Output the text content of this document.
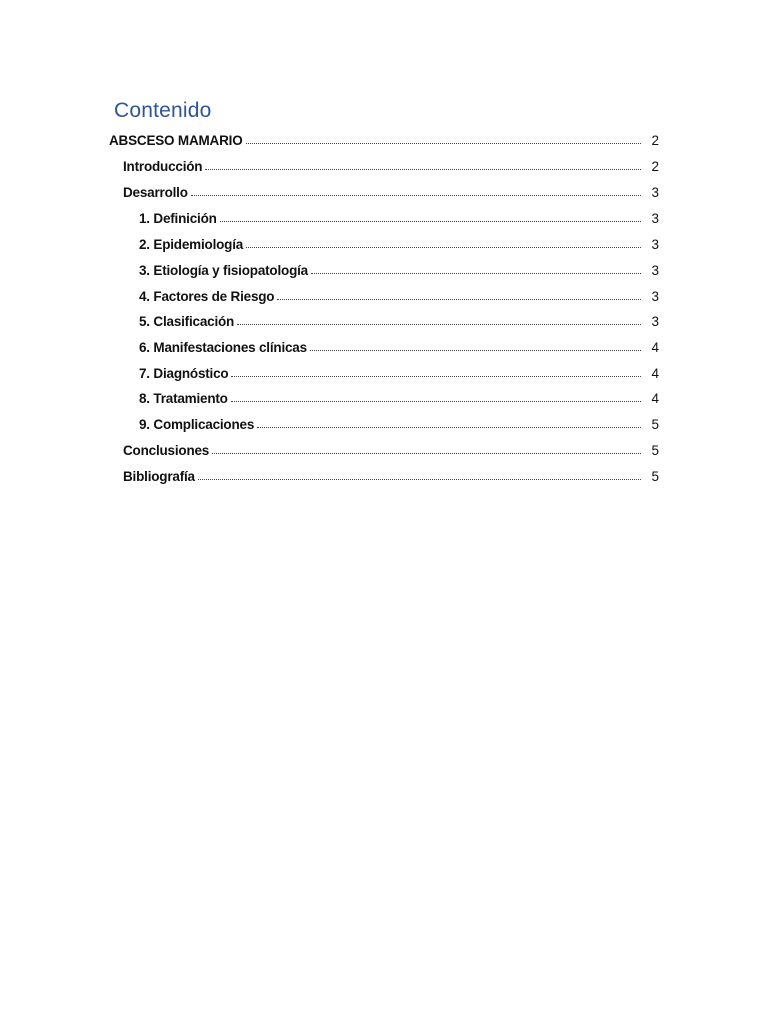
Contenido
ABSCESO MAMARIO	2
Introducción	2
Desarrollo	3
1. Definición	3
2. Epidemiología	3
3. Etiología y fisiopatología	3
4. Factores de Riesgo	3
5. Clasificación	3
6. Manifestaciones clínicas	4
7. Diagnóstico	4
8. Tratamiento	4
9. Complicaciones	5
Conclusiones	5
Bibliografía	5
